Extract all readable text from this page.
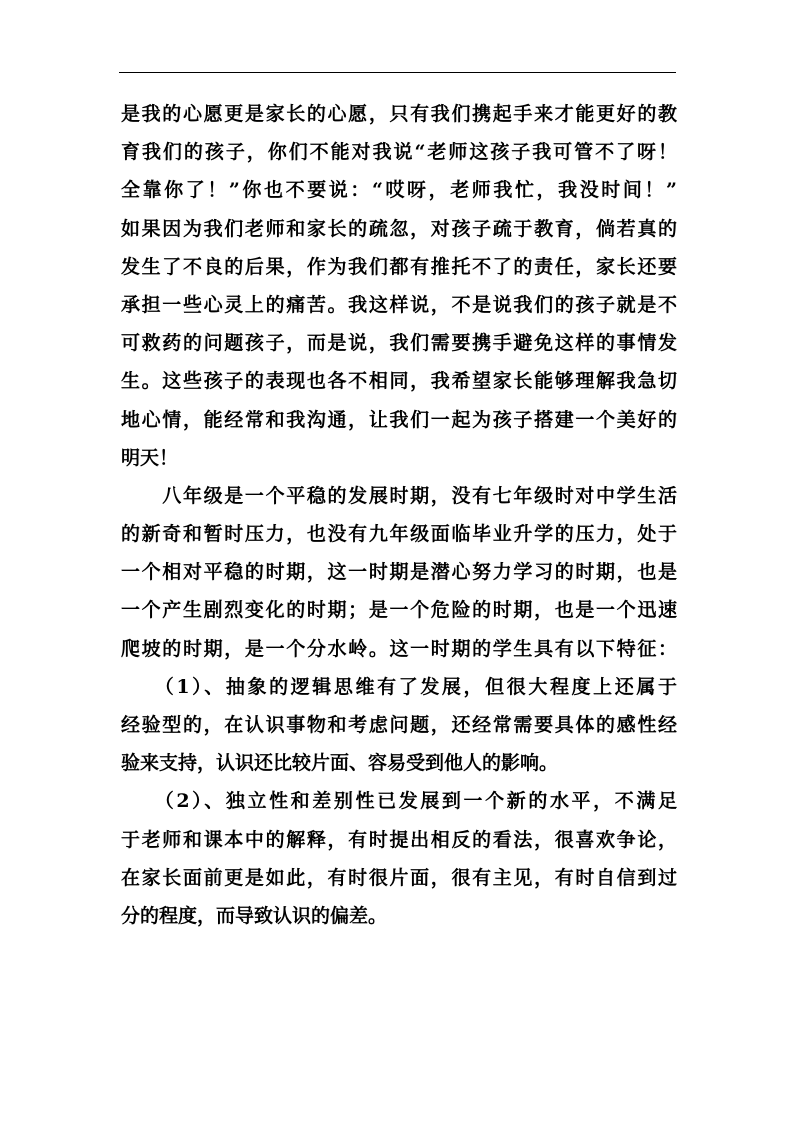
是我的心愿更是家长的心愿，只有我们携起手来才能更好的教
育我们的孩子，你们不能对我说“老师这孩子我可管不了呀！
全靠你了！”你也不要说：“哎呀，老师我忙，我没时间！”
如果因为我们老师和家长的疏忽，对孩子疏于教育，倘若真的
发生了不良的后果，作为我们都有推托不了的责任，家长还要
承担一些心灵上的痛苦。我这样说，不是说我们的孩子就是不
可救药的问题孩子，而是说，我们需要携手避免这样的事情发
生。这些孩子的表现也各不相同，我希望家长能够理解我急切
地心情，能经常和我沟通，让我们一起为孩子搭建一个美好的
明天！
　　八年级是一个平稳的发展时期，没有七年级时对中学生活
的新奇和暂时压力，也没有九年级面临毕业升学的压力，处于
一个相对平稳的时期，这一时期是潜心努力学习的时期，也是
一个产生剧烈变化的时期；是一个危险的时期，也是一个迅速
爬坡的时期，是一个分水岭。这一时期的学生具有以下特征：
　　（1）、抽象的逻辑思维有了发展，但很大程度上还属于
经验型的，在认识事物和考虑问题，还经常需要具体的感性经
验来支持，认识还比较片面、容易受到他人的影响。
　　（2）、独立性和差别性已发展到一个新的水平，不满足
于老师和课本中的解释，有时提出相反的看法，很喜欢争论，
在家长面前更是如此，有时很片面，很有主见，有时自信到过
分的程度，而导致认识的偏差。
